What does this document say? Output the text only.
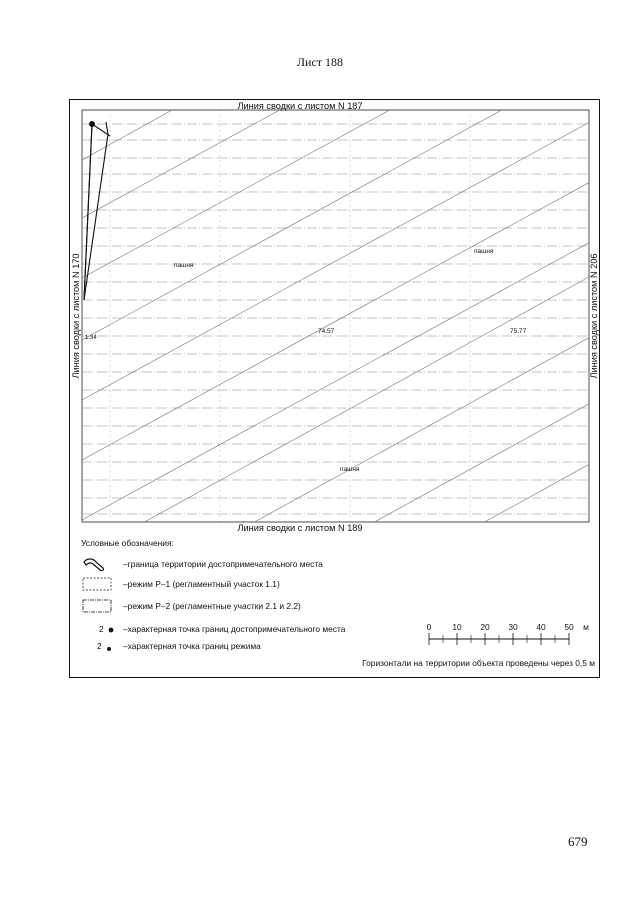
Лист 188
пашня
пашня
пашня
74.57	75.77
1.34
Линия сводки с листом N 187
Линия сводки с листом N 189
Линия сводки с листом N 170	Линия сводки с листом N 206
Условные обозначения:
–граница территории достопримечательного места
–режим Р–1 (регламентный участок 1.1)
–режим Р–2 (регламентные участки 2.1 и 2.2)
2 –характерная точка границ достопримечательного места
2	–характерная точка границ режима
0	10 20 30 40 50 м
Горизонтали на территории объекта проведены через 0,5 м
679
